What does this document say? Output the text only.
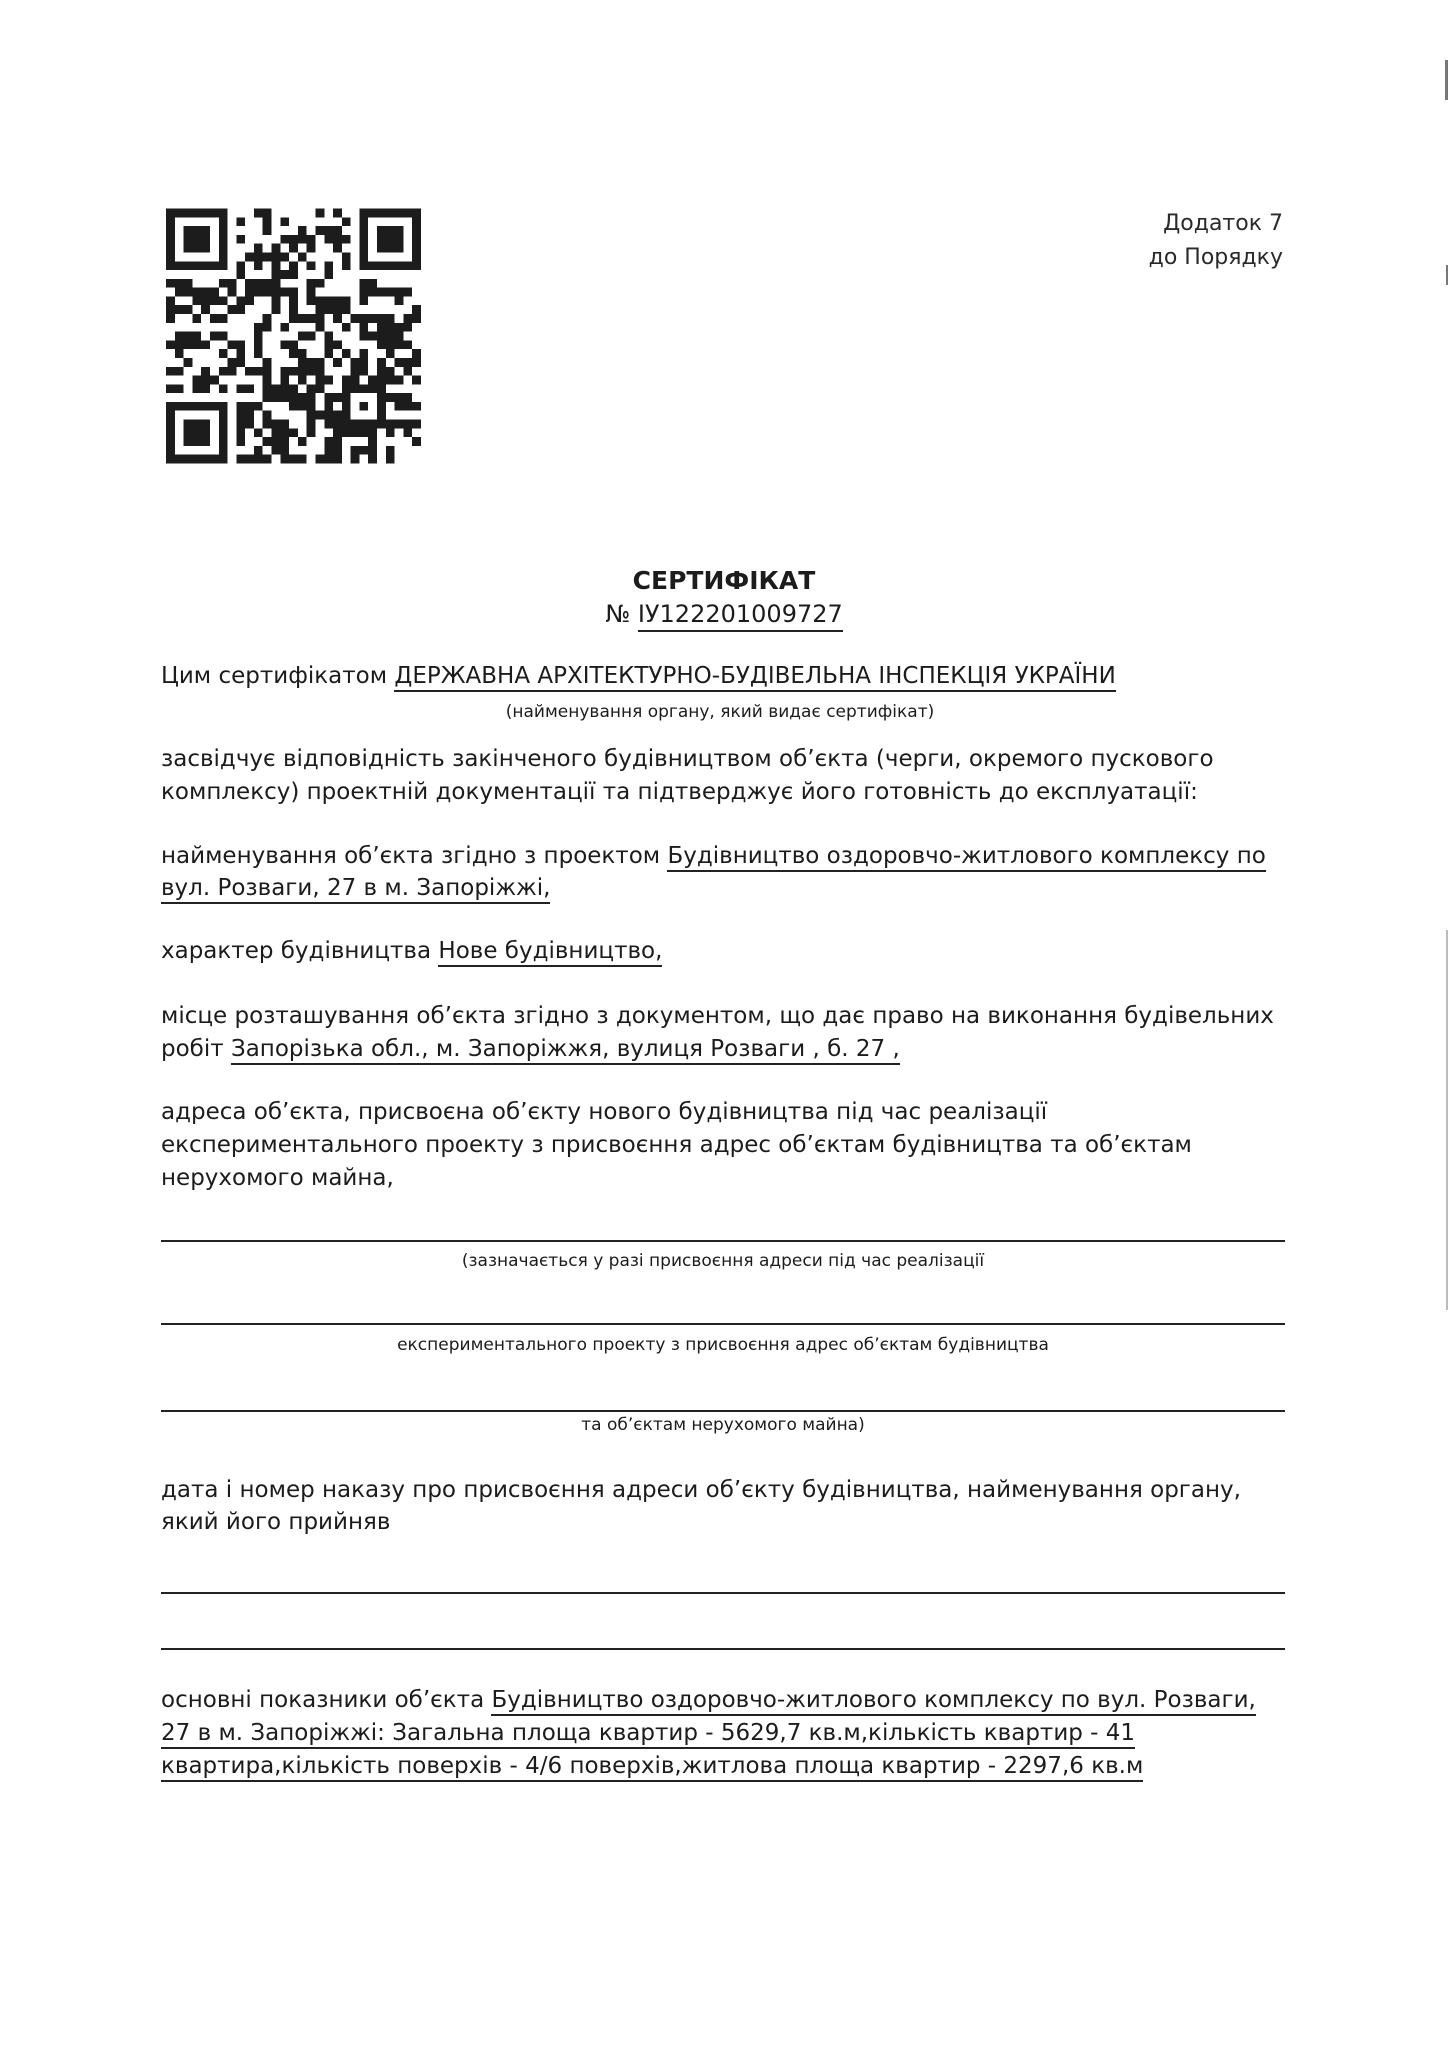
Додаток 7
до Порядку
СЕРТИФІКАТ
№ ІУ122201009727
Цим сертифікатом ДЕРЖАВНА АРХІТЕКТУРНО-БУДІВЕЛЬНА ІНСПЕКЦІЯ УКРАЇНИ
(найменування органу, який видає сертифікат)
засвідчує відповідність закінченого будівництвом об’єкта (черги, окремого пускового комплексу) проектній документації та підтверджує його готовність до експлуатації:
найменування об’єкта згідно з проектом Будівництво оздоровчо-житлового комплексу по
вул. Розваги, 27 в м. Запоріжжі,
характер будівництва Нове будівництво,
місце розташування об’єкта згідно з документом, що дає право на виконання будівельних
робіт Запорізька обл., м. Запоріжжя, вулиця Розваги , б. 27 ,
адреса об’єкта, присвоєна об’єкту нового будівництва під час реалізації
експериментального проекту з присвоєння адрес об’єктам будівництва та об’єктам
нерухомого майна,
(зазначається у разі присвоєння адреси під час реалізації
експериментального проекту з присвоєння адрес об’єктам будівництва
та об’єктам нерухомого майна)
дата і номер наказу про присвоєння адреси об’єкту будівництва, найменування органу,
який його прийняв
основні показники об’єкта Будівництво оздоровчо-житлового комплексу по вул. Розваги,
27 в м. Запоріжжі: Загальна площа квартир - 5629,7 кв.м,кількість квартир - 41
квартира,кількість поверхів - 4/6 поверхів,житлова площа квартир - 2297,6 кв.м
